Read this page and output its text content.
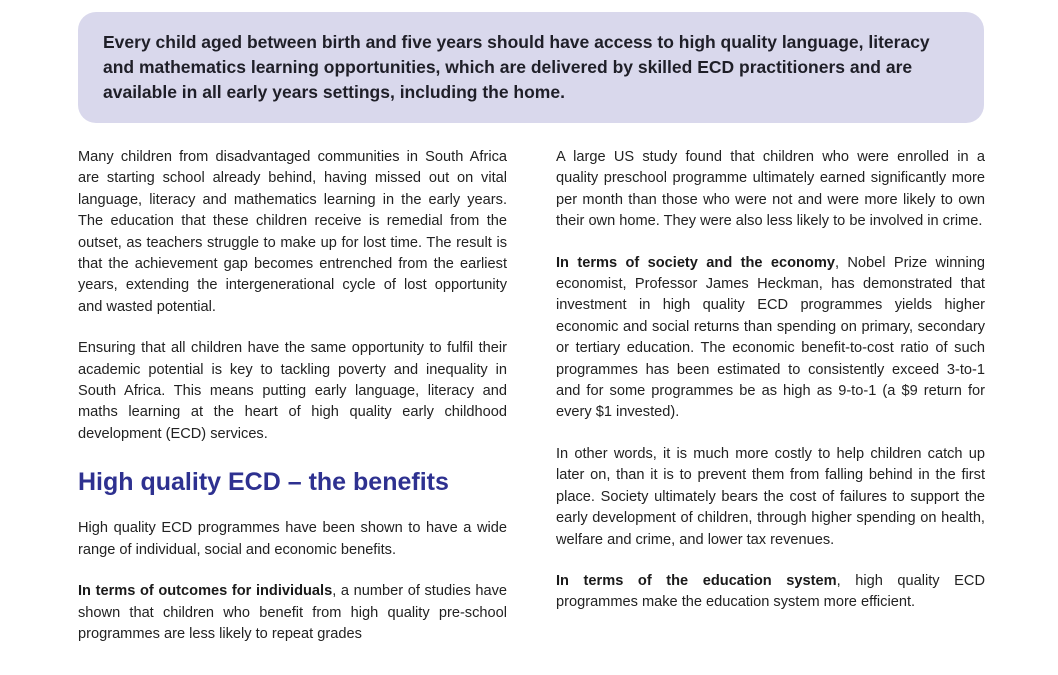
Every child aged between birth and five years should have access to high quality language, literacy and mathematics learning opportunities, which are delivered by skilled ECD practitioners and are available in all early years settings, including the home.

Many children from disadvantaged communities in South Africa are starting school already behind, having missed out on vital language, literacy and mathematics learning in the early years. The education that these children receive is remedial from the outset, as teachers struggle to make up for lost time. The result is that the achievement gap becomes entrenched from the earliest years, extending the intergenerational cycle of lost opportunity and wasted potential.

Ensuring that all children have the same opportunity to fulfil their academic potential is key to tackling poverty and inequality in South Africa. This means putting early language, literacy and maths learning at the heart of high quality early childhood development (ECD) services.

High quality ECD – the benefits

High quality ECD programmes have been shown to have a wide range of individual, social and economic benefits.

In terms of outcomes for individuals, a number of studies have shown that children who benefit from high quality pre-school programmes are less likely to repeat grades

A large US study found that children who were enrolled in a quality preschool programme ultimately earned significantly more per month than those who were not and were more likely to own their own home. They were also less likely to be involved in crime.

In terms of society and the economy, Nobel Prize winning economist, Professor James Heckman, has demonstrated that investment in high quality ECD programmes yields higher economic and social returns than spending on primary, secondary or tertiary education. The economic benefit-to-cost ratio of such programmes has been estimated to consistently exceed 3-to-1 and for some programmes be as high as 9-to-1 (a $9 return for every $1 invested).

In other words, it is much more costly to help children catch up later on, than it is to prevent them from falling behind in the first place. Society ultimately bears the cost of failures to support the early development of children, through higher spending on health, welfare and crime, and lower tax revenues.

In terms of the education system, high quality ECD programmes make the education system more efficient.
